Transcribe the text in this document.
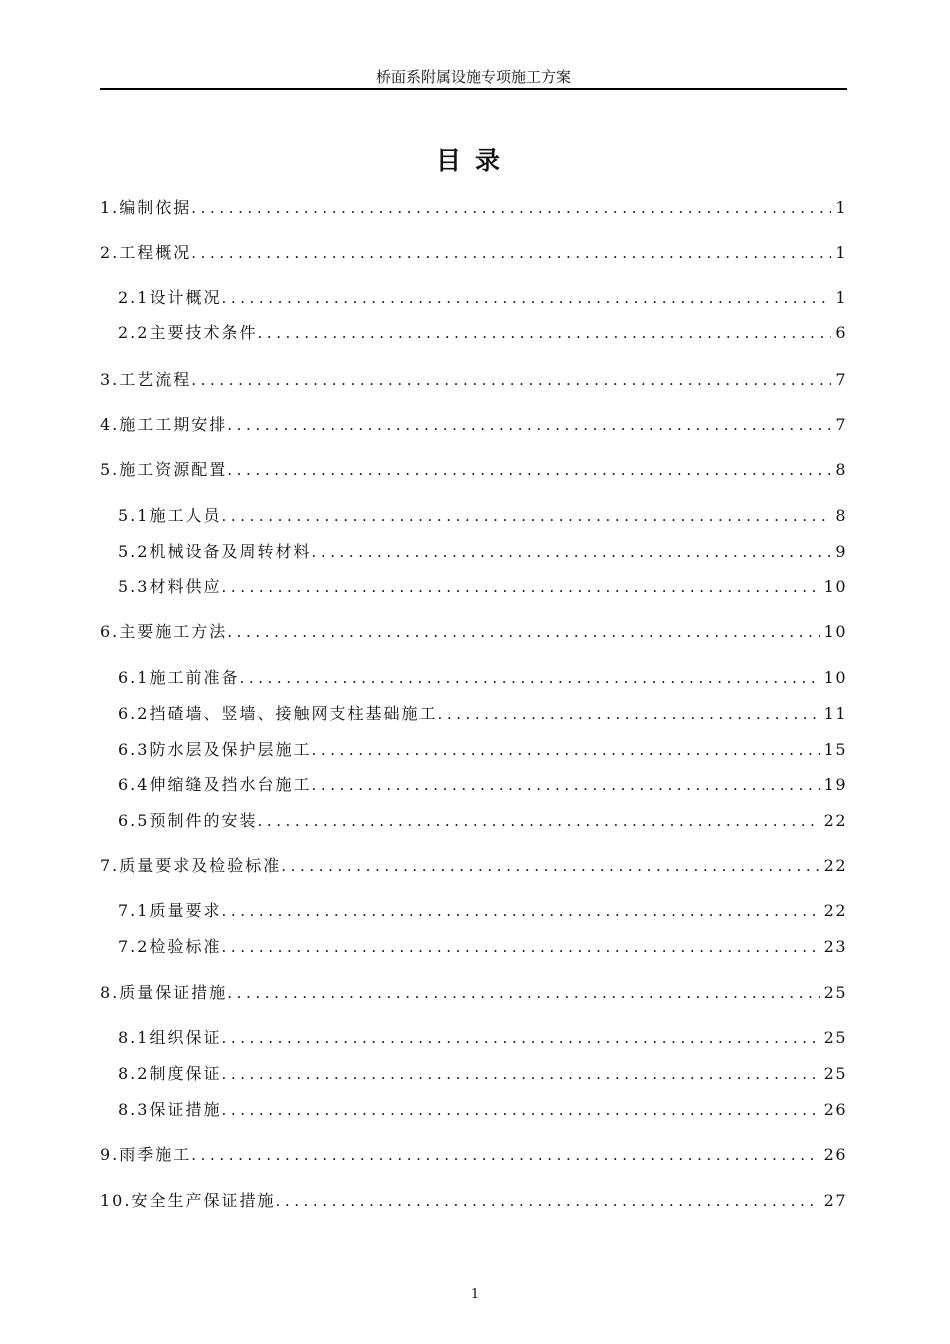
桥面系附属设施专项施工方案
目录
1.编制依据 .....	1
2.工程概况 .....	1
2.1设计概况 .....	1
2.2主要技术条件 .....	6
3.工艺流程 .....	7
4.施工工期安排 .....	7
5.施工资源配置 .....	8
5.1施工人员 .....	8
5.2机械设备及周转材料 .....	9
5.3材料供应 .....	10
6.主要施工方法 .....	10
6.1施工前准备 .....	10
6.2挡碴墙、竖墙、接触网支柱基础施工 .....	11
6.3防水层及保护层施工 .....	15
6.4伸缩缝及挡水台施工 .....	19
6.5预制件的安装 .....	22
7.质量要求及检验标准 .....	22
7.1质量要求 .....	22
7.2检验标准 .....	23
8.质量保证措施 .....	25
8.1组织保证 .....	25
8.2制度保证 .....	25
8.3保证措施 .....	26
9.雨季施工 .....	26
10.安全生产保证措施 .....	27
1
